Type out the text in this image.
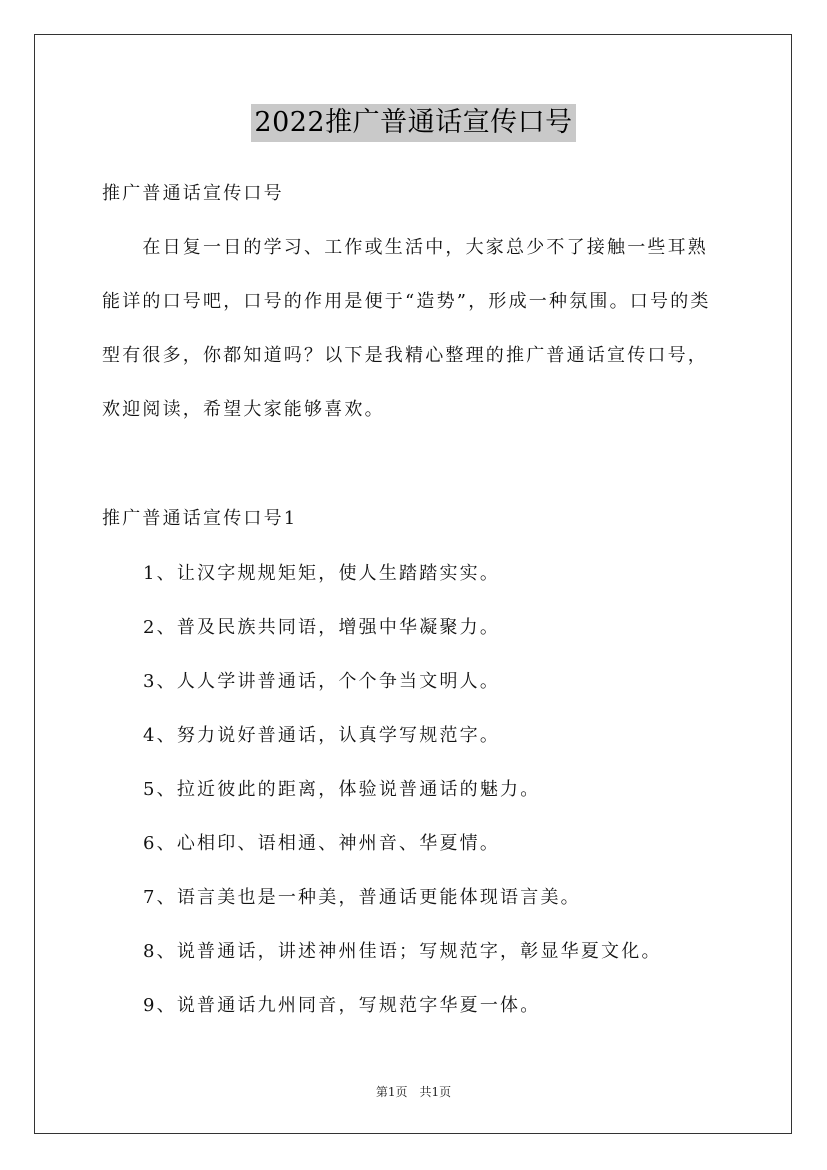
2022推广普通话宣传口号
推广普通话宣传口号
　　在日复一日的学习、工作或生活中，大家总少不了接触一些耳熟
能详的口号吧，口号的作用是便于“造势”，形成一种氛围。口号的类
型有很多，你都知道吗？以下是我精心整理的推广普通话宣传口号，
欢迎阅读，希望大家能够喜欢。
推广普通话宣传口号1
1、让汉字规规矩矩，使人生踏踏实实。
2、普及民族共同语，增强中华凝聚力。
3、人人学讲普通话，个个争当文明人。
4、努力说好普通话，认真学写规范字。
5、拉近彼此的距离，体验说普通话的魅力。
6、心相印、语相通、神州音、华夏情。
7、语言美也是一种美，普通话更能体现语言美。
8、说普通话，讲述神州佳语；写规范字，彰显华夏文化。
9、说普通话九州同音，写规范字华夏一体。
第1页　共1页
